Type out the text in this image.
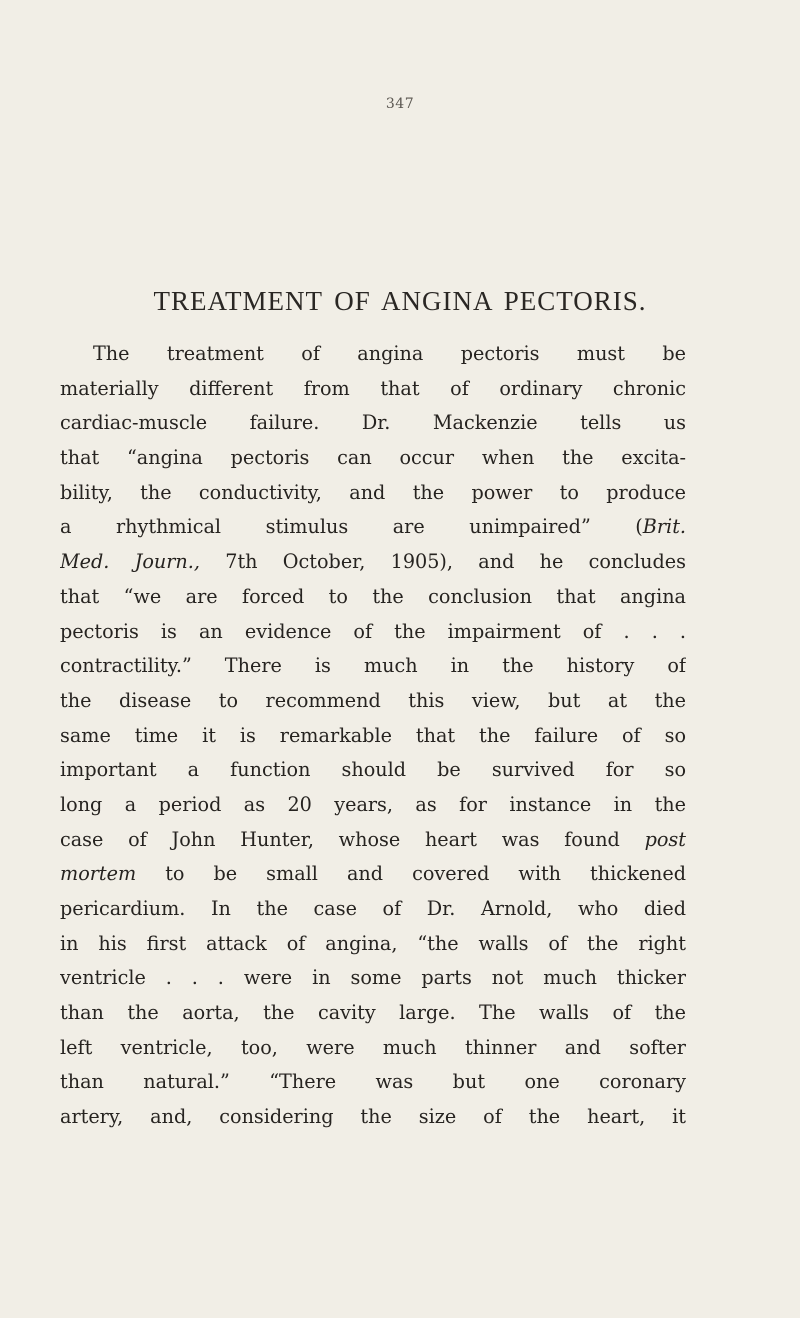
347
TREATMENT OF ANGINA PECTORIS.
The treatment of angina pectoris must be
materially different from that of ordinary chronic
cardiac-muscle failure. Dr. Mackenzie tells us
that “angina pectoris can occur when the excita-
bility, the conductivity, and the power to produce
a rhythmical stimulus are unimpaired” (Brit.
Med. Journ., 7th October, 1905), and he concludes
that “we are forced to the conclusion that angina
pectoris is an evidence of the impairment of . . .
contractility.” There is much in the history of
the disease to recommend this view, but at the
same time it is remarkable that the failure of so
important a function should be survived for so
long a period as 20 years, as for instance in the
case of John Hunter, whose heart was found post
mortem to be small and covered with thickened
pericardium. In the case of Dr. Arnold, who died
in his first attack of angina, “the walls of the right
ventricle . . . were in some parts not much thicker
than the aorta, the cavity large. The walls of the
left ventricle, too, were much thinner and softer
than natural.” “There was but one coronary
artery, and, considering the size of the heart, it
